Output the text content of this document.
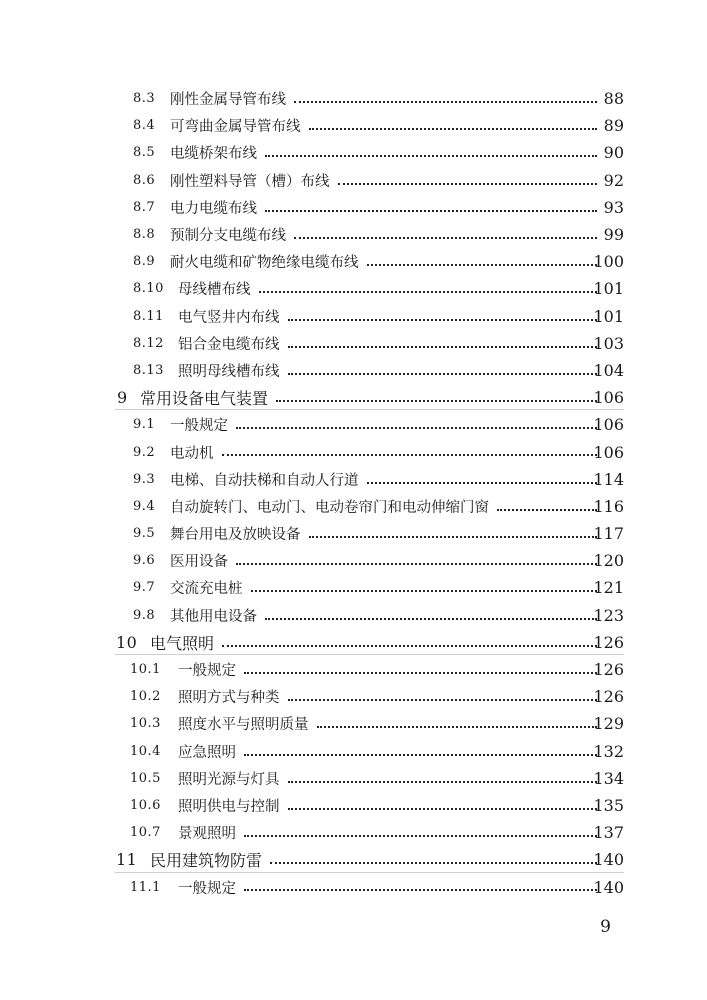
8.3 刚性金属导管布线	88
8.4 可弯曲金属导管布线	89
8.5 电缆桥架布线	90
8.6 刚性塑料导管（槽）布线	92
8.7 电力电缆布线	93
8.8 预制分支电缆布线	99
8.9 耐火电缆和矿物绝缘电缆布线	100
8.10 母线槽布线	101
8.11 电气竖井内布线	101
8.12 铝合金电缆布线	103
8.13 照明母线槽布线	104
9 常用设备电气装置	106
9.1 一般规定	106
9.2 电动机	106
9.3 电梯、自动扶梯和自动人行道	114
9.4 自动旋转门、电动门、电动卷帘门和电动伸缩门窗	116
9.5 舞台用电及放映设备	117
9.6 医用设备	120
9.7 交流充电桩	121
9.8 其他用电设备	123
10 电气照明	126
10.1 一般规定	126
10.2 照明方式与种类	126
10.3 照度水平与照明质量	129
10.4 应急照明	132
10.5 照明光源与灯具	134
10.6 照明供电与控制	135
10.7 景观照明	137
11 民用建筑物防雷	140
11.1 一般规定	140
9
